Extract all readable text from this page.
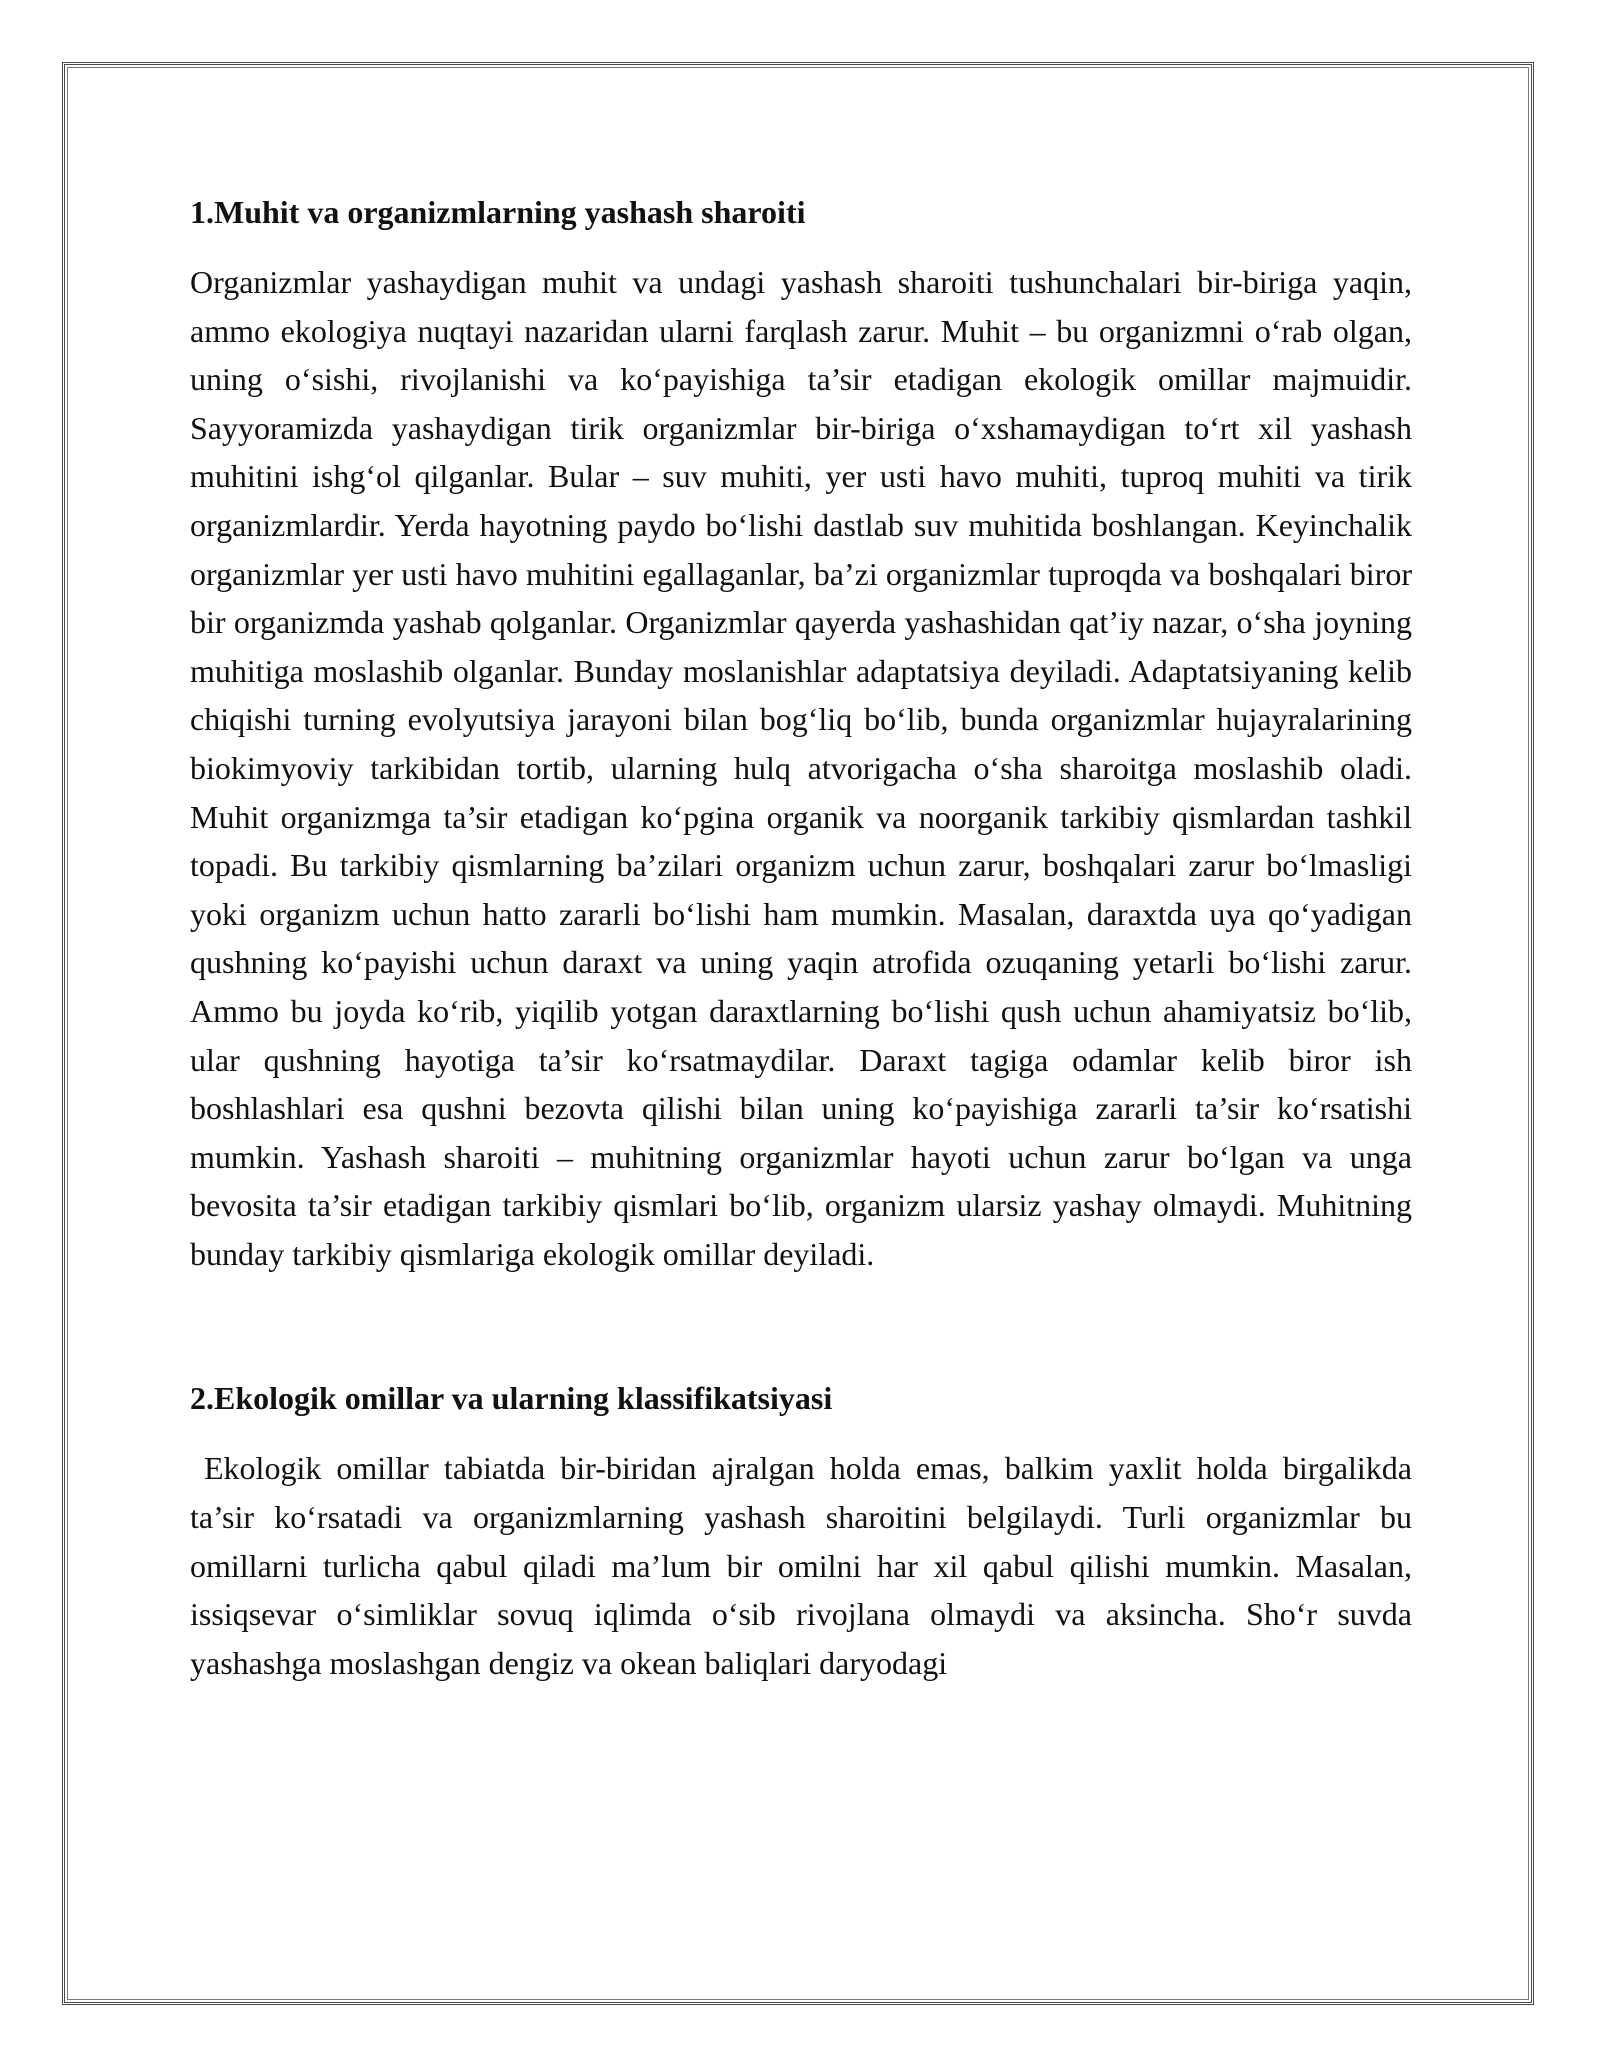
1.Muhit va organizmlarning yashash sharoiti

Organizmlar yashaydigan muhit va undagi yashash sharoiti tushunchalari bir-biriga yaqin, ammo ekologiya nuqtayi nazaridan ularni farqlash zarur. Muhit – bu organizmni o‘rab olgan, uning o‘sishi, rivojlanishi va ko‘payishiga ta’sir etadigan ekologik omillar majmuidir. Sayyoramizda yashaydigan tirik organizmlar bir-biriga o‘xshamaydigan to‘rt xil yashash muhitini ishg‘ol qilganlar. Bular – suv muhiti, yer usti havo muhiti, tuproq muhiti va tirik organizmlardir. Yerda hayotning paydo bo‘lishi dastlab suv muhitida boshlangan. Keyinchalik organizmlar yer usti havo muhitini egallaganlar, ba’zi organizmlar tuproqda va boshqalari biror bir organizmda yashab qolganlar. Organizmlar qayerda yashashidan qat’iy nazar, o‘sha joyning muhitiga moslashib olganlar. Bunday moslanishlar adaptatsiya deyiladi. Adaptatsiyaning kelib chiqishi turning evolyutsiya jarayoni bilan bog‘liq bo‘lib, bunda organizmlar hujayralarining biokimyoviy tarkibidan tortib, ularning hulq atvorigacha o‘sha sharoitga moslashib oladi. Muhit organizmga ta’sir etadigan ko‘pgina organik va noorganik tarkibiy qismlardan tashkil topadi. Bu tarkibiy qismlarning ba’zilari organizm uchun zarur, boshqalari zarur bo‘lmasligi yoki organizm uchun hatto zararli bo‘lishi ham mumkin. Masalan, daraxtda uya qo‘yadigan qushning ko‘payishi uchun daraxt va uning yaqin atrofida ozuqaning yetarli bo‘lishi zarur. Ammo bu joyda ko‘rib, yiqilib yotgan daraxtlarning bo‘lishi qush uchun ahamiyatsiz bo‘lib, ular qushning hayotiga ta’sir ko‘rsatmaydilar. Daraxt tagiga odamlar kelib biror ish boshlashlari esa qushni bezovta qilishi bilan uning ko‘payishiga zararli ta’sir ko‘rsatishi mumkin. Yashash sharoiti – muhitning organizmlar hayoti uchun zarur bo‘lgan va unga bevosita ta’sir etadigan tarkibiy qismlari bo‘lib, organizm ularsiz yashay olmaydi. Muhitning bunday tarkibiy qismlariga ekologik omillar deyiladi.

2.Ekologik omillar va ularning klassifikatsiyasi

Ekologik omillar tabiatda bir-biridan ajralgan holda emas, balkim yaxlit holda birgalikda ta’sir ko‘rsatadi va organizmlarning yashash sharoitini belgilaydi. Turli organizmlar bu omillarni turlicha qabul qiladi ma’lum bir omilni har xil qabul qilishi mumkin. Masalan, issiqsevar o‘simliklar sovuq iqlimda o‘sib rivojlana olmaydi va aksincha. Sho‘r suvda yashashga moslashgan dengiz va okean baliqlari daryodagi
